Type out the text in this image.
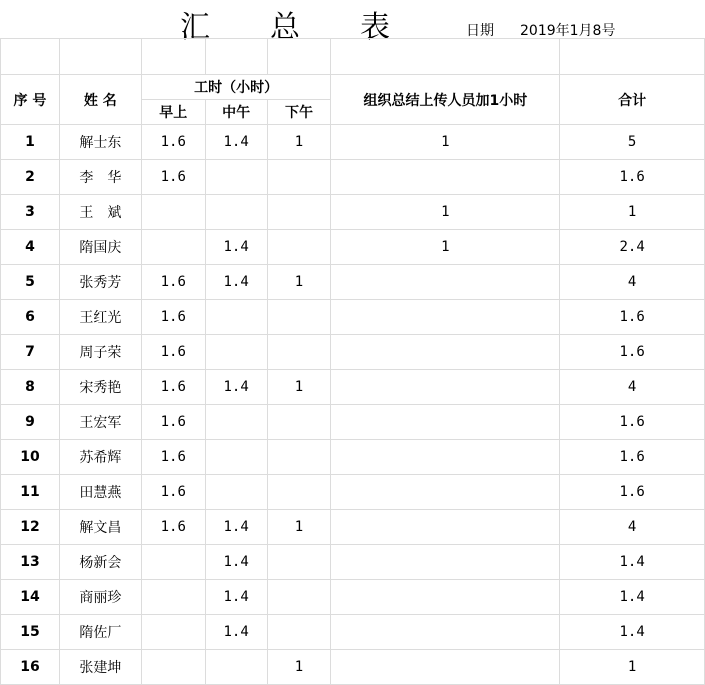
汇　　总　　表	日期 2019年1月8号

序 号	姓 名	工时（小时）			组织总结上传人员加1小时	合计
		早上	中午	下午		
1	解士东	1.6	1.4	1	1	5
2	李　华	1.6				1.6
3	王　斌				1	1
4	隋国庆		1.4		1	2.4
5	张秀芳	1.6	1.4	1		4
6	王红光	1.6				1.6
7	周子荣	1.6				1.6
8	宋秀艳	1.6	1.4	1		4
9	王宏军	1.6				1.6
10	苏希辉	1.6				1.6
11	田慧燕	1.6				1.6
12	解文昌	1.6	1.4	1		4
13	杨新会		1.4			1.4
14	商丽珍		1.4			1.4
15	隋佐厂		1.4			1.4
16	张建坤			1		1
